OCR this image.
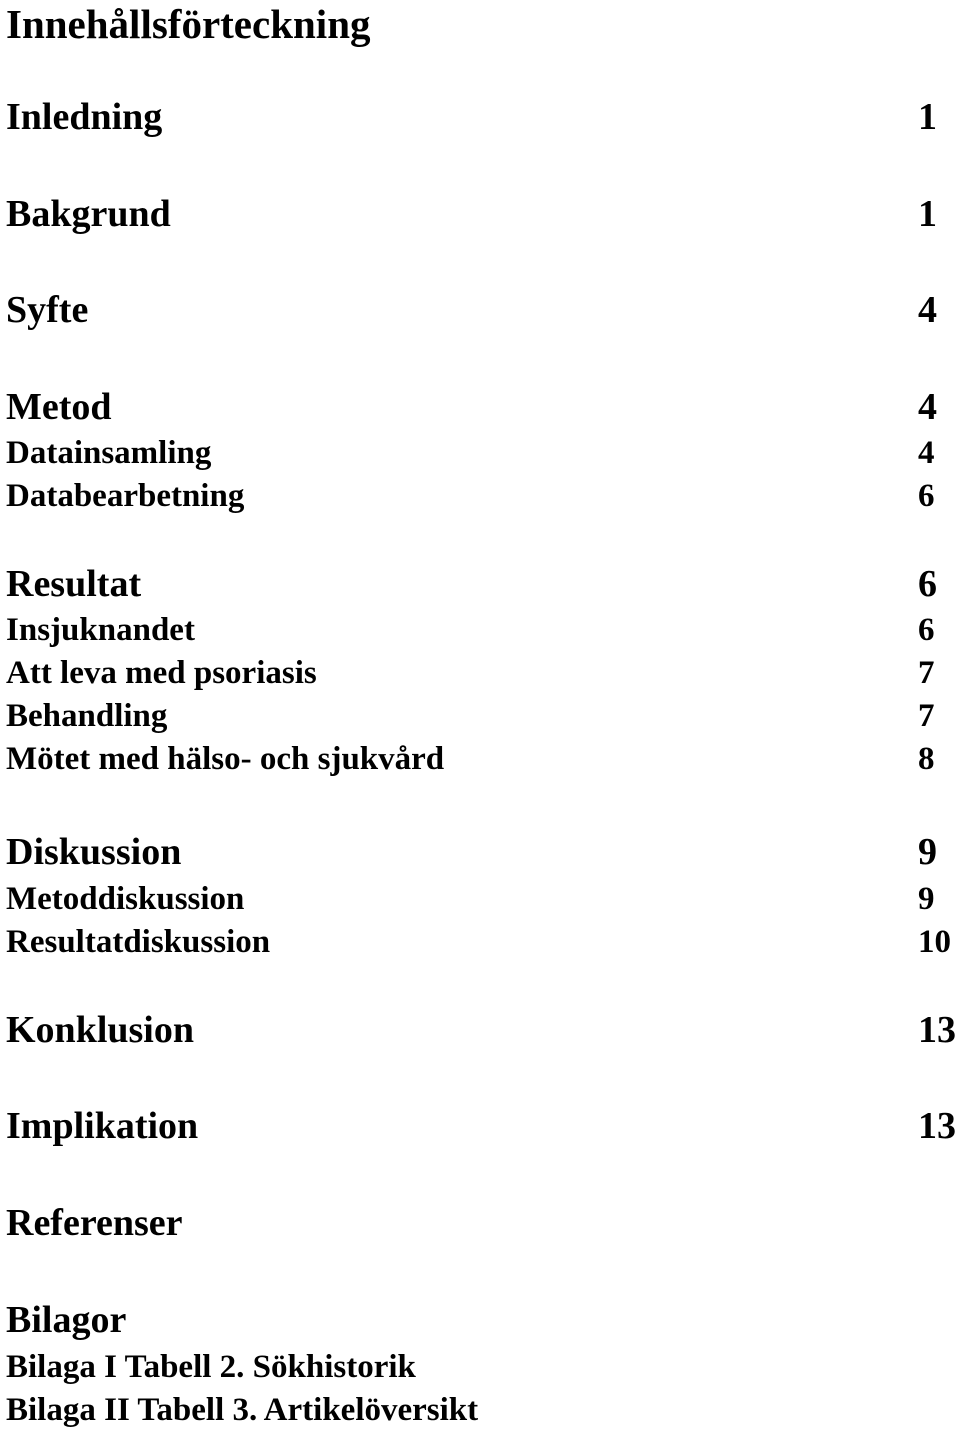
Innehållsförteckning
Inledning	1
Bakgrund	1
Syfte	4
Metod	4
Datainsamling	4
Databearbetning	6
Resultat	6
Insjuknandet	6
Att leva med psoriasis	7
Behandling	7
Mötet med hälso- och sjukvård	8
Diskussion	9
Metoddiskussion	9
Resultatdiskussion	10
Konklusion	13
Implikation	13
Referenser
Bilagor
Bilaga I Tabell 2. Sökhistorik
Bilaga II Tabell 3. Artikelöversikt
